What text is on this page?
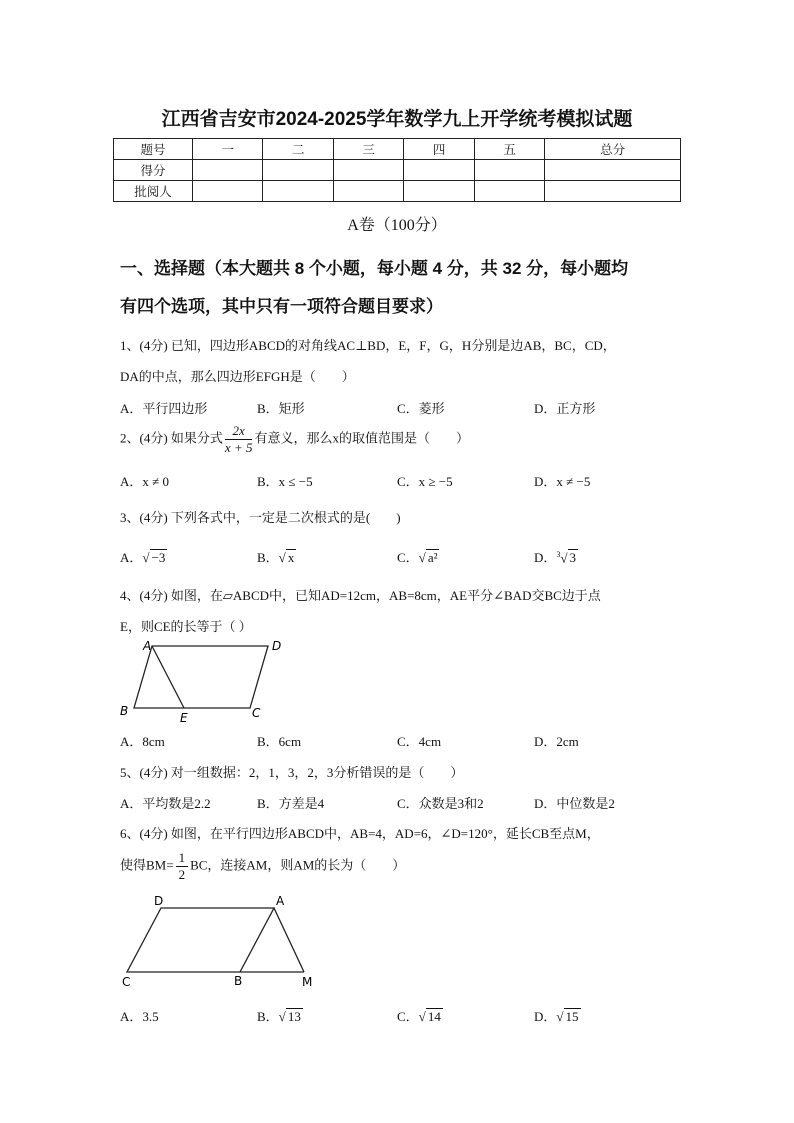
江西省吉安市2024-2025学年数学九上开学统考模拟试题
题号	一	二	三	四	五	总分
得分						
批阅人						
A卷（100分）
一、选择题（本大题共 8 个小题，每小题 4 分，共 32 分，每小题均
有四个选项，其中只有一项符合题目要求）
1、(4分) 已知，四边形ABCD的对角线AC⊥BD，E，F，G，H分别是边AB，BC，CD，
DA的中点，那么四边形EFGH是（　　）
A．平行四边形	B．矩形	C．菱形	D．正方形
2、(4分) 如果分式 $\frac{2x}{x + 5}$ 有意义，那么x的取值范围是（　　）
A．x ≠ 0	B．x ≤ −5	C．x ≥ −5	D．x ≠ −5
3、(4分) 下列各式中，一定是二次根式的是(　　)
A．√ −3	B．√ x	C．√ a²	D．$^3$√ 3
4、(4分) 如图，在▱ABCD中，已知AD=12cm，AB=8cm，AE平分∠BAD交BC边于点
E，则CE的长等于（ ）
A	D
B	E	C
A．8cm	B．6cm	C．4cm	D．2cm
5、(4分) 对一组数据：2，1，3，2，3分析错误的是（　　）
A．平均数是2.2	B．方差是4	C．众数是3和2	D．中位数是2
6、(4分) 如图，在平行四边形ABCD中，AB=4，AD=6，∠D=120°，延长CB至点M，
使得$BM= \frac{1}{2}$ BC，连接AM，则AM的长为（　　）
D	A
C	B	M
A．3.5	B．√ 13	C．√ 14	D．√ 15
